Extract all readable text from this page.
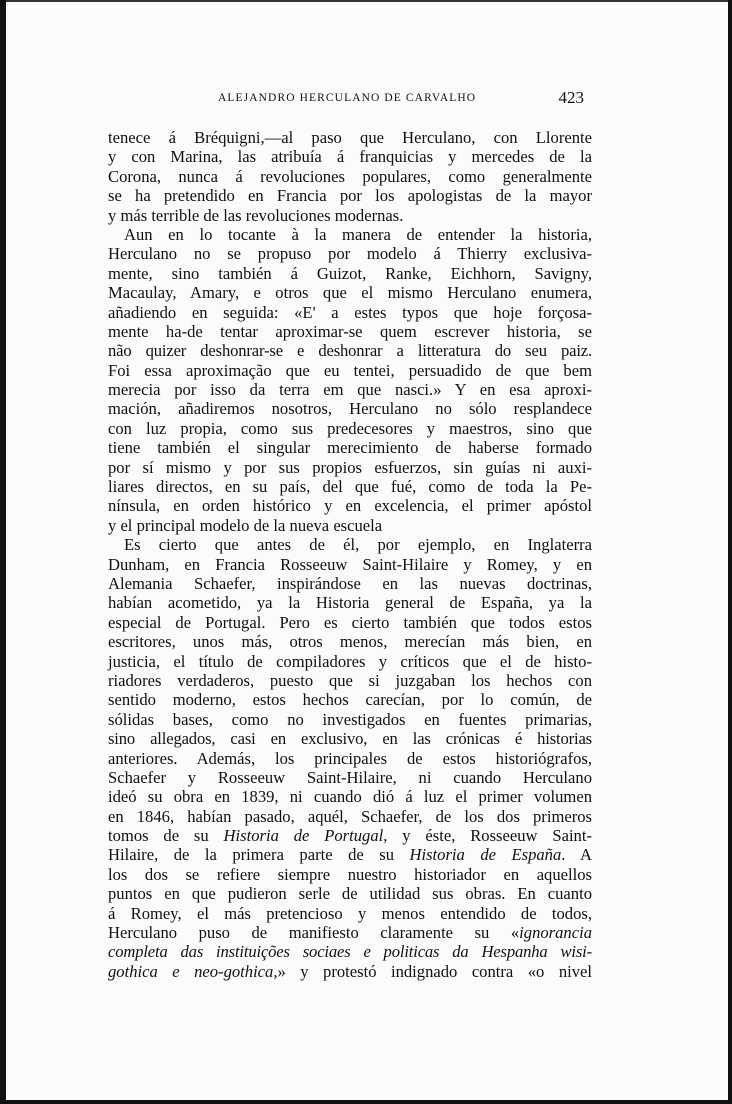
ALEJANDRO HERCULANO DE CARVALHO	423
tenece á Bréquigni,—al paso que Herculano, con Llorente
y con Marina, las atribuía á franquicias y mercedes de la
Corona, nunca á revoluciones populares, como generalmente
se ha pretendido en Francia por los apologistas de la mayor
y más terrible de las revoluciones modernas.
Aun en lo tocante à la manera de entender la historia,
Herculano no se propuso por modelo á Thierry exclusiva-
mente, sino también á Guizot, Ranke, Eichhorn, Savigny,
Macaulay, Amary, e otros que el mismo Herculano enumera,
añadiendo en seguida: «E' a estes typos que hoje forçosa-
mente ha-de tentar aproximar-se quem escrever historia, se
não quizer deshonrar-se e deshonrar a litteratura do seu paiz.
Foi essa aproximação que eu tentei, persuadido de que bem
merecia por isso da terra em que nasci.» Y en esa aproxi-
mación, añadiremos nosotros, Herculano no sólo resplandece
con luz propia, como sus predecesores y maestros, sino que
tiene también el singular merecimiento de haberse formado
por sí mismo y por sus propios esfuerzos, sin guías ni auxi-
liares directos, en su país, del que fué, como de toda la Pe-
nínsula, en orden histórico y en excelencia, el primer apóstol
y el principal modelo de la nueva escuela
Es cierto que antes de él, por ejemplo, en Inglaterra
Dunham, en Francia Rosseeuw Saint-Hilaire y Romey, y en
Alemania Schaefer, inspirándose en las nuevas doctrinas,
habían acometido, ya la Historia general de España, ya la
especial de Portugal. Pero es cierto también que todos estos
escritores, unos más, otros menos, merecían más bien, en
justicia, el título de compiladores y críticos que el de histo-
riadores verdaderos, puesto que si juzgaban los hechos con
sentido moderno, estos hechos carecían, por lo común, de
sólidas bases, como no investigados en fuentes primarias,
sino allegados, casi en exclusivo, en las crónicas é historias
anteriores. Además, los principales de estos historiógrafos,
Schaefer y Rosseeuw Saint-Hilaire, ni cuando Herculano
ideó su obra en 1839, ni cuando dió á luz el primer volumen
en 1846, habían pasado, aquél, Schaefer, de los dos primeros
tomos de su Historia de Portugal, y éste, Rosseeuw Saint-
Hilaire, de la primera parte de su Historia de España. A
los dos se refiere siempre nuestro historiador en aquellos
puntos en que pudieron serle de utilidad sus obras. En cuanto
á Romey, el más pretencioso y menos entendido de todos,
Herculano puso de manifiesto claramente su «ignorancia
completa das instituições sociaes e politicas da Hespanha wisi-
gothica e neo-gothica,» y protestó indignado contra «o nivel
